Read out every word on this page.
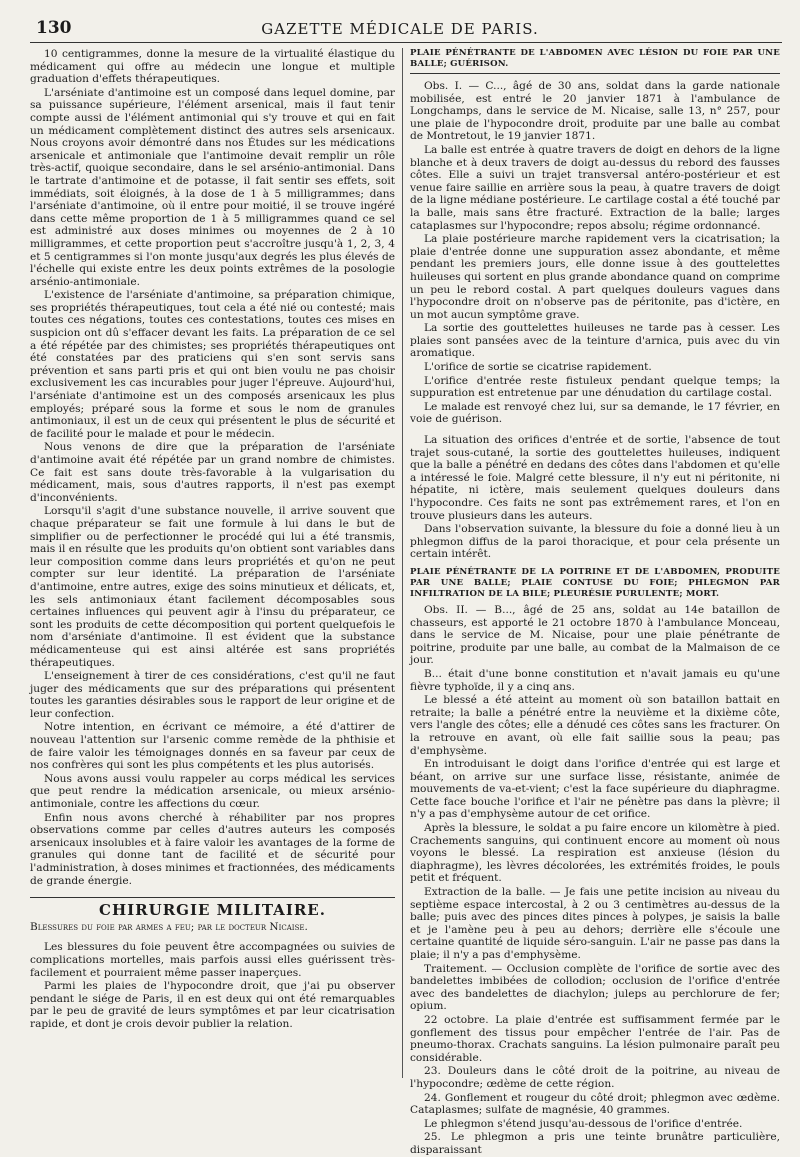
130	GAZETTE MÉDICALE DE PARIS.

10 centigrammes, donne la mesure de la virtualité élastique du médicament qui offre au médecin une longue et multiple graduation d'effets thérapeutiques.

L'arséniate d'antimoine est un composé dans lequel domine, par sa puissance supérieure, l'élément arsenical, mais il faut tenir compte aussi de l'élément antimonial qui s'y trouve et qui en fait un médicament complètement distinct des autres sels arsenicaux. Nous croyons avoir démontré dans nos Études sur les médications arsenicale et antimoniale que l'antimoine devait remplir un rôle très-actif, quoique secondaire, dans le sel arsénio-antimonial. Dans le tartrate d'antimoine et de potasse, il fait sentir ses effets, soit immédiats, soit éloignés, à la dose de 1 à 5 milligrammes; dans l'arséniate d'antimoine, où il entre pour moitié, il se trouve ingéré dans cette même proportion de 1 à 5 milligrammes quand ce sel est administré aux doses minimes ou moyennes de 2 à 10 milligrammes, et cette proportion peut s'accroître jusqu'à 1, 2, 3, 4 et 5 centigrammes si l'on monte jusqu'aux degrés les plus élevés de l'échelle qui existe entre les deux points extrêmes de la posologie arsénio-antimoniale.

L'existence de l'arséniate d'antimoine, sa préparation chimique, ses propriétés thérapeutiques, tout cela a été nié ou contesté; mais toutes ces négations, toutes ces contestations, toutes ces mises en suspicion ont dû s'effacer devant les faits. La préparation de ce sel a été répétée par des chimistes; ses propriétés thérapeutiques ont été constatées par des praticiens qui s'en sont servis sans prévention et sans parti pris et qui ont bien voulu ne pas choisir exclusivement les cas incurables pour juger l'épreuve. Aujourd'hui, l'arséniate d'antimoine est un des composés arsenicaux les plus employés; préparé sous la forme et sous le nom de granules antimoniaux, il est un de ceux qui présentent le plus de sécurité et de facilité pour le malade et pour le médecin.

Nous venons de dire que la préparation de l'arséniate d'antimoine avait été répétée par un grand nombre de chimistes. Ce fait est sans doute très-favorable à la vulgarisation du médicament, mais, sous d'autres rapports, il n'est pas exempt d'inconvénients.

Lorsqu'il s'agit d'une substance nouvelle, il arrive souvent que chaque préparateur se fait une formule à lui dans le but de simplifier ou de perfectionner le procédé qui lui a été transmis, mais il en résulte que les produits qu'on obtient sont variables dans leur composition comme dans leurs propriétés et qu'on ne peut compter sur leur identité. La préparation de l'arséniate d'antimoine, entre autres, exige des soins minutieux et délicats, et, les sels antimoniaux étant facilement décomposables sous certaines influences qui peuvent agir à l'insu du préparateur, ce sont les produits de cette décomposition qui portent quelquefois le nom d'arséniate d'antimoine. Il est évident que la substance médicamenteuse qui est ainsi altérée est sans propriétés thérapeutiques.

L'enseignement à tirer de ces considérations, c'est qu'il ne faut juger des médicaments que sur des préparations qui présentent toutes les garanties désirables sous le rapport de leur origine et de leur confection.

Notre intention, en écrivant ce mémoire, a été d'attirer de nouveau l'attention sur l'arsenic comme remède de la phthisie et de faire valoir les témoignages donnés en sa faveur par ceux de nos confrères qui sont les plus compétents et les plus autorisés.

Nous avons aussi voulu rappeler au corps médical les services que peut rendre la médication arsenicale, ou mieux arsénio-antimoniale, contre les affections du cœur.

Enfin nous avons cherché à réhabiliter par nos propres observations comme par celles d'autres auteurs les composés arsenicaux insolubles et à faire valoir les avantages de la forme de granules qui donne tant de facilité et de sécurité pour l'administration, à doses minimes et fractionnées, des médicaments de grande énergie.

CHIRURGIE MILITAIRE.
Blessures du foie par armes a feu; par le docteur Nicaise.

Les blessures du foie peuvent être accompagnées ou suivies de complications mortelles, mais parfois aussi elles guérissent très-facilement et pourraient même passer inaperçues.

Parmi les plaies de l'hypocondre droit, que j'ai pu observer pendant le siége de Paris, il en est deux qui ont été remarquables par le peu de gravité de leurs symptômes et par leur cicatrisation rapide, et dont je crois devoir publier la relation.

PLAIE PÉNÉTRANTE DE L'ABDOMEN AVEC LÉSION DU FOIE PAR UNE BALLE; GUÉRISON.

Obs. I. — C..., âgé de 30 ans, soldat dans la garde nationale mobilisée, est entré le 20 janvier 1871 à l'ambulance de Longchamps, dans le service de M. Nicaise, salle 13, n° 257, pour une plaie de l'hypocondre droit, produite par une balle au combat de Montretout, le 19 janvier 1871.

La balle est entrée à quatre travers de doigt en dehors de la ligne blanche et à deux travers de doigt au-dessus du rebord des fausses côtes. Elle a suivi un trajet transversal antéro-postérieur et est venue faire saillie en arrière sous la peau, à quatre travers de doigt de la ligne médiane postérieure. Le cartilage costal a été touché par la balle, mais sans être fracturé. Extraction de la balle; larges cataplasmes sur l'hypocondre; repos absolu; régime ordonnancé.

La plaie postérieure marche rapidement vers la cicatrisation; la plaie d'entrée donne une suppuration assez abondante, et même pendant les premiers jours, elle donne issue à des gouttelettes huileuses qui sortent en plus grande abondance quand on comprime un peu le rebord costal. A part quelques douleurs vagues dans l'hypocondre droit on n'observe pas de péritonite, pas d'ictère, en un mot aucun symptôme grave.

La sortie des gouttelettes huileuses ne tarde pas à cesser. Les plaies sont pansées avec de la teinture d'arnica, puis avec du vin aromatique.

L'orifice de sortie se cicatrise rapidement.

L'orifice d'entrée reste fistuleux pendant quelque temps; la suppuration est entretenue par une dénudation du cartilage costal.

Le malade est renvoyé chez lui, sur sa demande, le 17 février, en voie de guérison.

La situation des orifices d'entrée et de sortie, l'absence de tout trajet sous-cutané, la sortie des gouttelettes huileuses, indiquent que la balle a pénétré en dedans des côtes dans l'abdomen et qu'elle a intéressé le foie. Malgré cette blessure, il n'y eut ni péritonite, ni hépatite, ni ictère, mais seulement quelques douleurs dans l'hypocondre. Ces faits ne sont pas extrêmement rares, et l'on en trouve plusieurs dans les auteurs.

Dans l'observation suivante, la blessure du foie a donné lieu à un phlegmon diffus de la paroi thoracique, et pour cela présente un certain intérêt.

PLAIE PÉNÉTRANTE DE LA POITRINE ET DE L'ABDOMEN, PRODUITE PAR UNE BALLE; PLAIE CONTUSE DU FOIE; PHLEGMON PAR INFILTRATION DE LA BILE; PLEURÉSIE PURULENTE; MORT.

Obs. II. — B..., âgé de 25 ans, soldat au 14e bataillon de chasseurs, est apporté le 21 octobre 1870 à l'ambulance Monceau, dans le service de M. Nicaise, pour une plaie pénétrante de poitrine, produite par une balle, au combat de la Malmaison de ce jour.

B... était d'une bonne constitution et n'avait jamais eu qu'une fièvre typhoïde, il y a cinq ans.

Le blessé a été atteint au moment où son bataillon battait en retraite; la balle a pénétré entre la neuvième et la dixième côte, vers l'angle des côtes; elle a dénudé ces côtes sans les fracturer. On la retrouve en avant, où elle fait saillie sous la peau; pas d'emphysème.

En introduisant le doigt dans l'orifice d'entrée qui est large et béant, on arrive sur une surface lisse, résistante, animée de mouvements de va-et-vient; c'est la face supérieure du diaphragme. Cette face bouche l'orifice et l'air ne pénètre pas dans la plèvre; il n'y a pas d'emphysème autour de cet orifice.

Après la blessure, le soldat a pu faire encore un kilomètre à pied. Crachements sanguins, qui continuent encore au moment où nous voyons le blessé. La respiration est anxieuse (lésion du diaphragme), les lèvres décolorées, les extrémités froides, le pouls petit et fréquent.

Extraction de la balle. — Je fais une petite incision au niveau du septième espace intercostal, à 2 ou 3 centimètres au-dessus de la balle; puis avec des pinces dites pinces à polypes, je saisis la balle et je l'amène peu à peu au dehors; derrière elle s'écoule une certaine quantité de liquide séro-sanguin. L'air ne passe pas dans la plaie; il n'y a pas d'emphysème.

Traitement. — Occlusion complète de l'orifice de sortie avec des bandelettes imbibées de collodion; occlusion de l'orifice d'entrée avec des bandelettes de diachylon; juleps au perchlorure de fer; opium.

22 octobre. La plaie d'entrée est suffisamment fermée par le gonflement des tissus pour empêcher l'entrée de l'air. Pas de pneumo-thorax. Crachats sanguins. La lésion pulmonaire paraît peu considérable.

23. Douleurs dans le côté droit de la poitrine, au niveau de l'hypocondre; œdème de cette région.

24. Gonflement et rougeur du côté droit; phlegmon avec œdème. Cataplasmes; sulfate de magnésie, 40 grammes.

Le phlegmon s'étend jusqu'au-dessous de l'orifice d'entrée.

25. Le phlegmon a pris une teinte brunâtre particulière, disparaissant
